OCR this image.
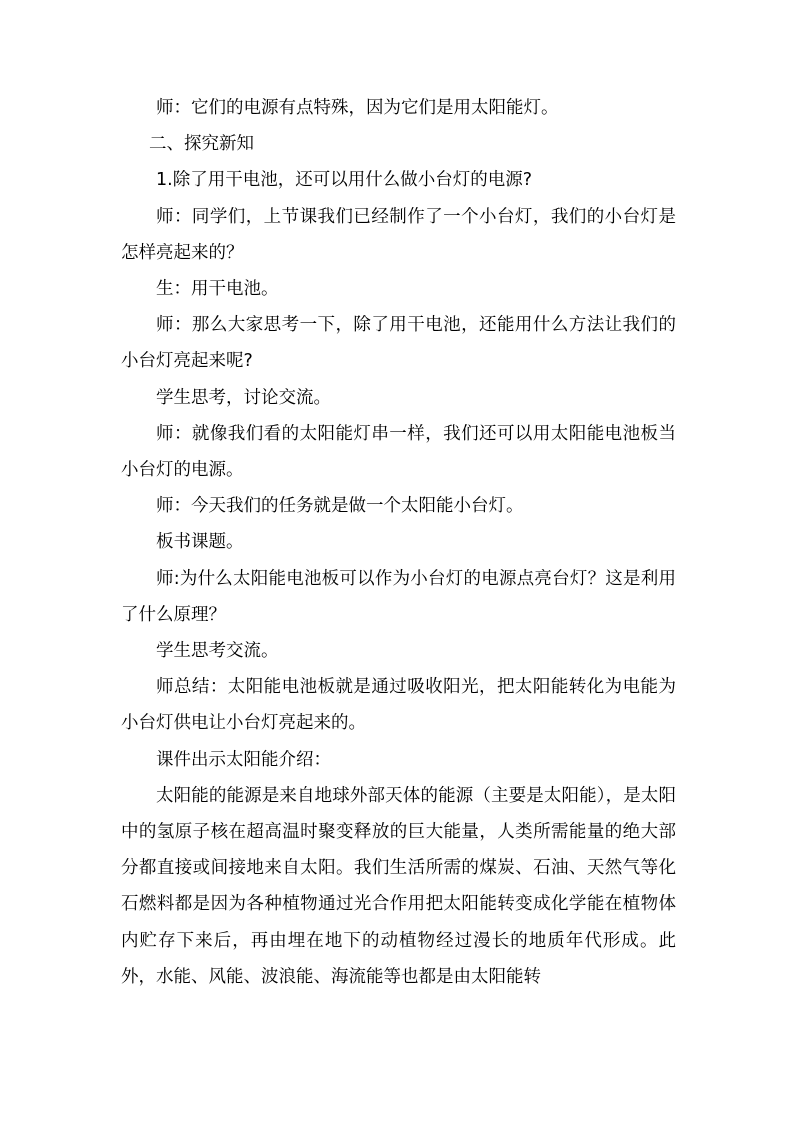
师：它们的电源有点特殊，因为它们是用太阳能灯。

二、探究新知

1.除了用干电池，还可以用什么做小台灯的电源?

师：同学们，上节课我们已经制作了一个小台灯，我们的小台灯是怎样亮起来的？

生：用干电池。

师：那么大家思考一下，除了用干电池，还能用什么方法让我们的小台灯亮起来呢?

学生思考，讨论交流。

师：就像我们看的太阳能灯串一样，我们还可以用太阳能电池板当小台灯的电源。

师：今天我们的任务就是做一个太阳能小台灯。

板书课题。

师:为什么太阳能电池板可以作为小台灯的电源点亮台灯？这是利用了什么原理？

学生思考交流。

师总结：太阳能电池板就是通过吸收阳光，把太阳能转化为电能为小台灯供电让小台灯亮起来的。

课件出示太阳能介绍：

太阳能的能源是来自地球外部天体的能源（主要是太阳能），是太阳中的氢原子核在超高温时聚变释放的巨大能量，人类所需能量的绝大部分都直接或间接地来自太阳。我们生活所需的煤炭、石油、天然气等化石燃料都是因为各种植物通过光合作用把太阳能转变成化学能在植物体内贮存下来后，再由埋在地下的动植物经过漫长的地质年代形成。此外，水能、风能、波浪能、海流能等也都是由太阳能转
